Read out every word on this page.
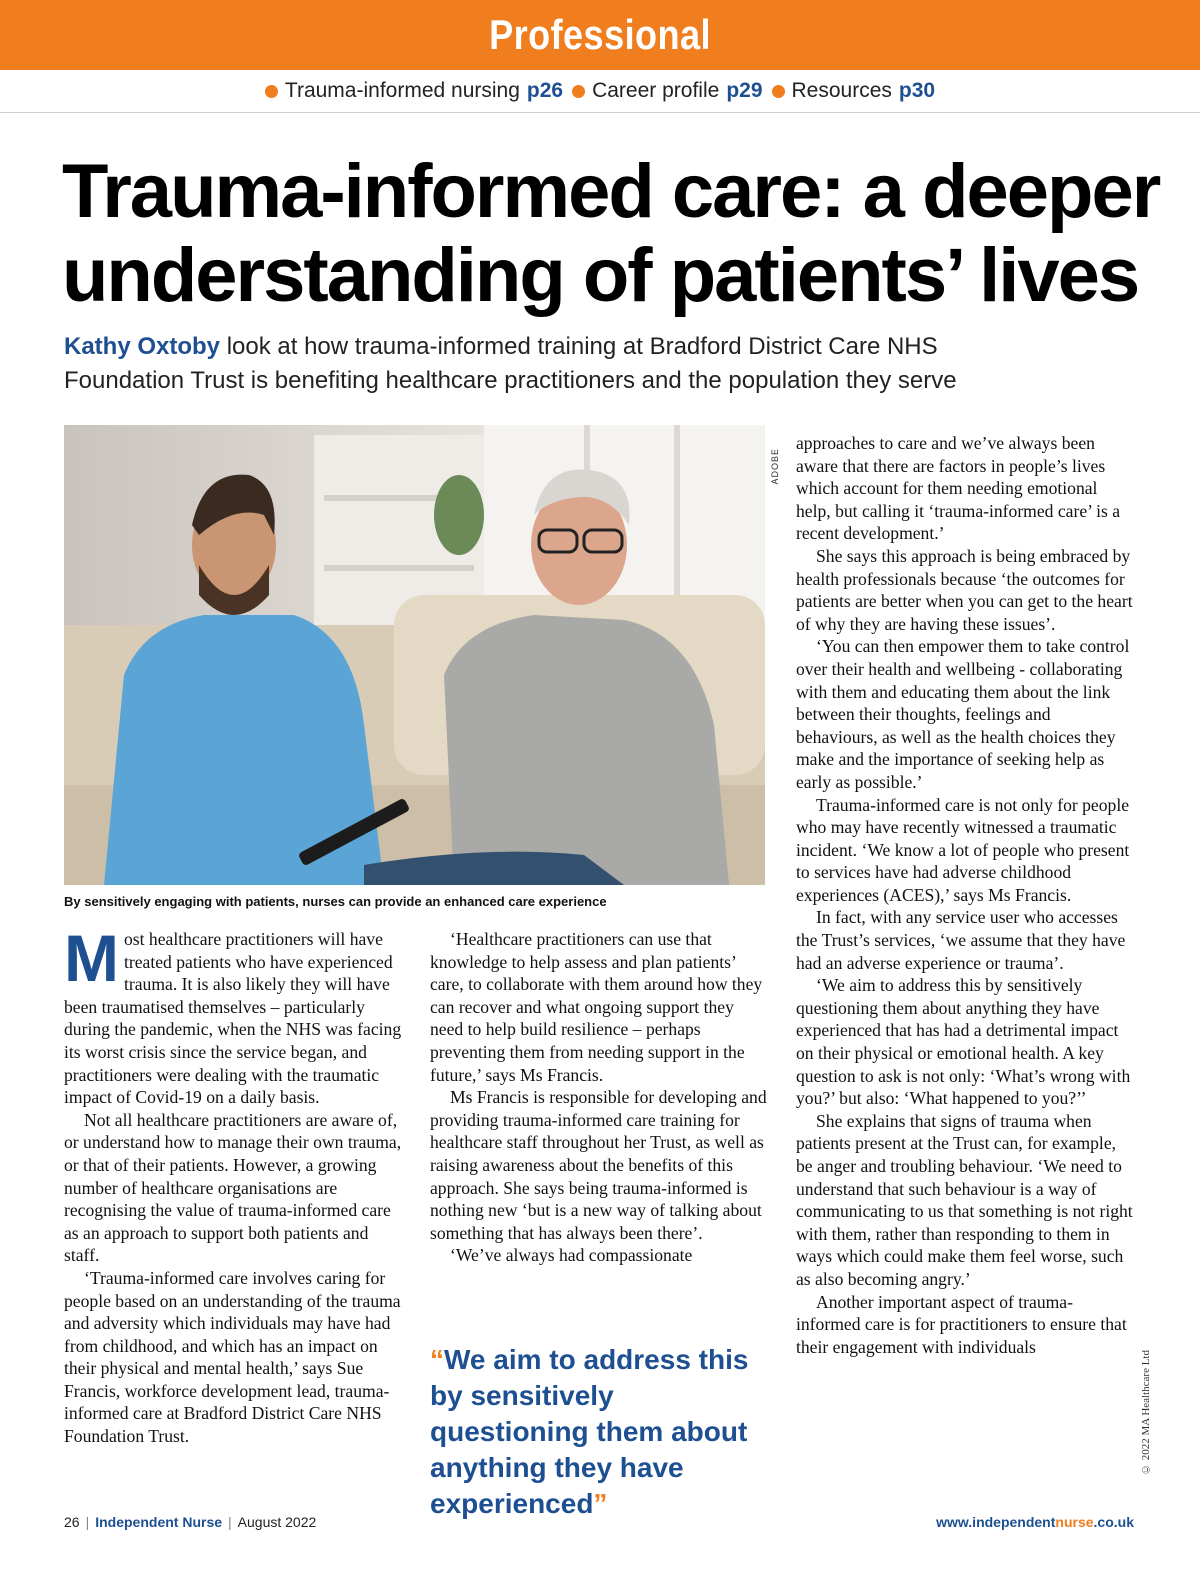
Professional
Trauma-informed nursing p26 Career profile p29 Resources p30
Trauma-informed care: a deeper understanding of patients’ lives
Kathy Oxtoby look at how trauma-informed training at Bradford District Care NHS Foundation Trust is benefiting healthcare practitioners and the population they serve
ADOBE
By sensitively engaging with patients, nurses can provide an enhanced care experience

Most healthcare practitioners will have treated patients who have experienced trauma. It is also likely they will have been traumatised themselves – particularly during the pandemic, when the NHS was facing its worst crisis since the service began, and practitioners were dealing with the traumatic impact of Covid-19 on a daily basis.

Not all healthcare practitioners are aware of, or understand how to manage their own trauma, or that of their patients. However, a growing number of healthcare organisations are recognising the value of trauma-informed care as an approach to support both patients and staff.

‘Trauma-informed care involves caring for people based on an understanding of the trauma and adversity which individuals may have had from childhood, and which has an impact on their physical and mental health,’ says Sue Francis, workforce development lead, trauma-informed care at Bradford District Care NHS Foundation Trust.

‘Healthcare practitioners can use that knowledge to help assess and plan patients’ care, to collaborate with them around how they can recover and what ongoing support they need to help build resilience – perhaps preventing them from needing support in the future,’ says Ms Francis.

Ms Francis is responsible for developing and providing trauma-informed care training for healthcare staff throughout her Trust, as well as raising awareness about the benefits of this approach. She says being trauma-informed is nothing new ‘but is a new way of talking about something that has always been there’.

‘We’ve always had compassionate

“We aim to address this by sensitively questioning them about anything they have experienced”

approaches to care and we’ve always been aware that there are factors in people’s lives which account for them needing emotional help, but calling it ‘trauma-informed care’ is a recent development.’

She says this approach is being embraced by health professionals because ‘the outcomes for patients are better when you can get to the heart of why they are having these issues’.

‘You can then empower them to take control over their health and wellbeing - collaborating with them and educating them about the link between their thoughts, feelings and behaviours, as well as the health choices they make and the importance of seeking help as early as possible.’

Trauma-informed care is not only for people who may have recently witnessed a traumatic incident. ‘We know a lot of people who present to services have had adverse childhood experiences (ACES),’ says Ms Francis.

In fact, with any service user who accesses the Trust’s services, ‘we assume that they have had an adverse experience or trauma’.

‘We aim to address this by sensitively questioning them about anything they have experienced that has had a detrimental impact on their physical or emotional health. A key question to ask is not only: ‘What’s wrong with you?’ but also: ‘What happened to you?’’

She explains that signs of trauma when patients present at the Trust can, for example, be anger and troubling behaviour. ‘We need to understand that such behaviour is a way of communicating to us that something is not right with them, rather than responding to them in ways which could make them feel worse, such as also becoming angry.’

Another important aspect of trauma-informed care is for practitioners to ensure that their engagement with individuals

© 2022 MA Healthcare Ltd
26 | Independent Nurse | August 2022	www.independentnurse.co.uk
